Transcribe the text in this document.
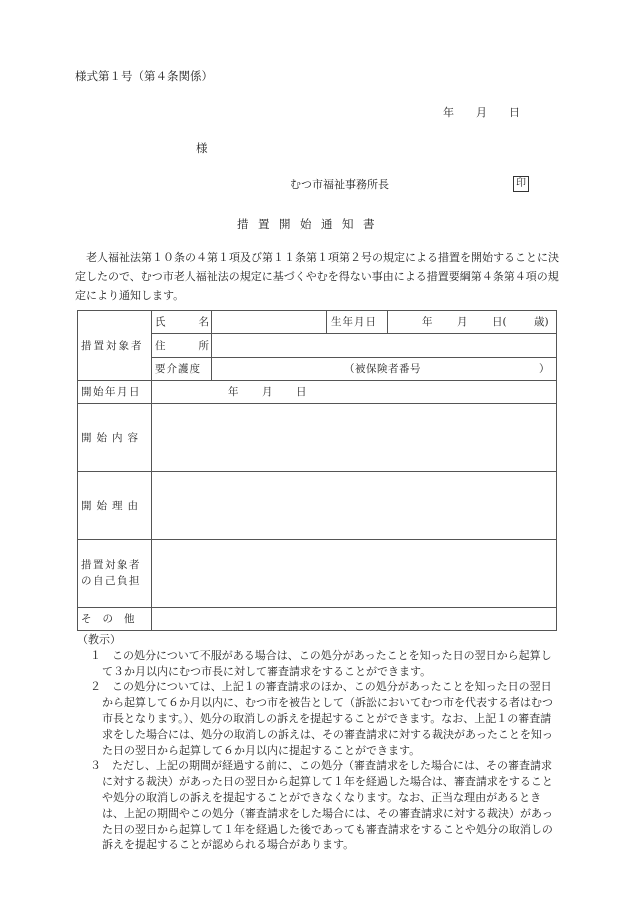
様式第１号（第４条関係）
年 月 日
様
むつ市福祉事務所長	印
措置開始通知書

老人福祉法第１０条の４第１項及び第１１条第１項第２号の規定による措置を開始することに決定したので、むつ市老人福祉法の規定に基づくやむを得ない事由による措置要綱第４条第４項の規定により通知します。

措置対象者
氏	名	生年月日	年 月 日(	歳)
住	所
要介護度	（被保険者番号	）
開始年月日	年 月 日
開始内容
開始理由
措置対象者
の自己負担
その他

（教示）

１ この処分について不服がある場合は、この処分があったことを知った日の翌日から起算して３か月以内にむつ市長に対して審査請求をすることができます。

２ この処分については、上記１の審査請求のほか、この処分があったことを知った日の翌日から起算して６か月以内に、むつ市を被告として（訴訟においてむつ市を代表する者はむつ市長となります。）、処分の取消しの訴えを提起することができます。なお、上記１の審査請求をした場合には、処分の取消しの訴えは、その審査請求に対する裁決があったことを知った日の翌日から起算して６か月以内に提起することができます。

３ ただし、上記の期間が経過する前に、この処分（審査請求をした場合には、その審査請求に対する裁決）があった日の翌日から起算して１年を経過した場合は、審査請求をすることや処分の取消しの訴えを提起することができなくなります。なお、正当な理由があるときは、上記の期間やこの処分（審査請求をした場合には、その審査請求に対する裁決）があった日の翌日から起算して１年を経過した後であっても審査請求をすることや処分の取消しの訴えを提起することが認められる場合があります。
